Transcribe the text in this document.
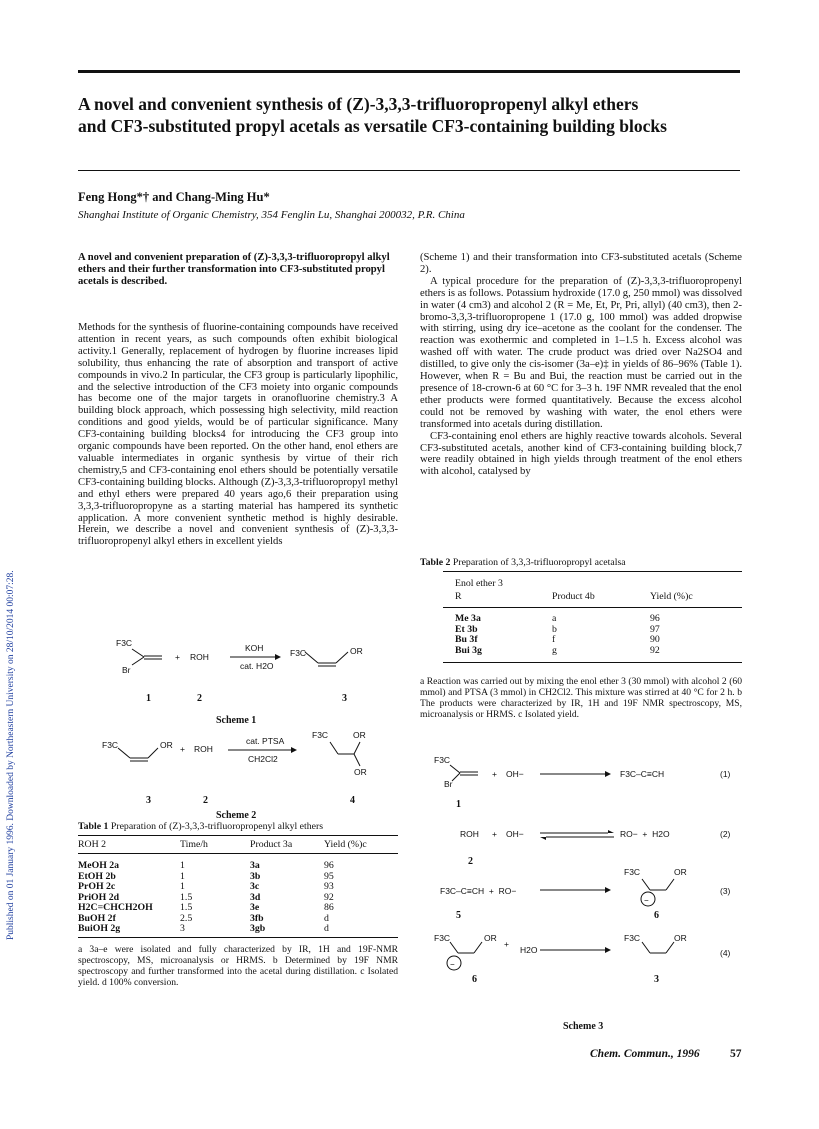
Published on 01 January 1996. Downloaded by Northeastern University on 28/10/2014 00:07:28.
A novel and convenient synthesis of (Z)-3,3,3-trifluoropropenyl alkyl ethers
and CF3-substituted propyl acetals as versatile CF3-containing building blocks
Feng Hong*† and Chang-Ming Hu*
Shanghai Institute of Organic Chemistry, 354 Fenglin Lu, Shanghai 200032, P.R. China
A novel and convenient preparation of (Z)-3,3,3-trifluoropropyl alkyl ethers and their further transformation into CF3-substituted propyl acetals is described.
Methods for the synthesis of fluorine-containing compounds have received attention in recent years, as such compounds often exhibit biological activity.1 Generally, replacement of hydrogen by fluorine increases lipid solubility, thus enhancing the rate of absorption and transport of active compounds in vivo.2 In particular, the CF3 group is particularly lipophilic, and the selective introduction of the CF3 moiety into organic compounds has become one of the major targets in oranofluorine chemistry.3 A building block approach, which possessing high selectivity, mild reaction conditions and good yields, would be of particular significance. Many CF3-containing building blocks4 for introducing the CF3 group into organic compounds have been reported. On the other hand, enol ethers are valuable intermediates in organic synthesis by virtue of their rich chemistry,5 and CF3-containing enol ethers should be potentially versatile CF3-containing building blocks. Although (Z)-3,3,3-trifluoropropyl methyl and ethyl ethers were prepared 40 years ago,6 their preparation using 3,3,3-trifluoropropyne as a starting material has hampered its synthetic application. A more convenient synthetic method is highly desirable. Herein, we describe a novel and convenient synthesis of (Z)-3,3,3-trifluoropropenyl alkyl ethers in excellent yields

(Scheme 1) and their transformation into CF3-substituted acetals (Scheme 2).

A typical procedure for the preparation of (Z)-3,3,3-trifluoropropenyl ethers is as follows. Potassium hydroxide (17.0 g, 250 mmol) was dissolved in water (4 cm3) and alcohol 2 (R = Me, Et, Pr, Pri, allyl) (40 cm3), then 2-bromo-3,3,3-trifluoropropene 1 (17.0 g, 100 mmol) was added dropwise with stirring, using dry ice–acetone as the coolant for the condenser. The reaction was exothermic and completed in 1–1.5 h. Excess alcohol was washed off with water. The crude product was dried over Na2SO4 and distilled, to give only the cis-isomer (3a–e)‡ in yields of 86–96% (Table 1). However, when R = Bu and Bui, the reaction must be carried out in the presence of 18-crown-6 at 60 °C for 3–3 h. 19F NMR revealed that the enol ether products were formed quantitatively. Because the excess alcohol could not be removed by washing with water, the enol ethers were transformed into acetals during distillation.

CF3-containing enol ethers are highly reactive towards alcohols. Several CF3-substituted acetals, another kind of CF3-containing building block,7 were readily obtained in high yields through treatment of the enol ethers with alcohol, catalysed by

F3C
Br
+ ROH
KOH
cat. H2O
F3C	OR
1	2	3
Scheme 1
F3C	OR + ROH
cat. PTSA
CH2Cl2
F3C	OR
OR
3	2	4
Scheme 2
Table 1 Preparation of (Z)-3,3,3-trifluoropropenyl alkyl ethers
ROH 2	Time/h	Product 3a	Yield (%)c
MeOH 2a	1	3a	96
EtOH 2b	1	3b	95
PrOH 2c	1	3c	93
PriOH 2d	1.5	3d	92
H2C=CHCH2OH	1.5	3e	86
BuOH 2f	2.5	3fb	d
BuiOH 2g	3	3gb	d
a 3a–e were isolated and fully characterized by IR, 1H and 19F-NMR spectroscopy, MS, microanalysis or HRMS. b Determined by 19F NMR spectroscopy and further transformed into the acetal during distillation. c Isolated yield. d 100% conversion.
Table 2 Preparation of 3,3,3-trifluoropropyl acetalsa
Enol ether 3
R	Product 4b	Yield (%)c
Me 3a	a	96
Et 3b	b	97
Bu 3f	f	90
Bui 3g	g	92
a Reaction was carried out by mixing the enol ether 3 (30 mmol) with alcohol 2 (60 mmol) and PTSA (3 mmol) in CH2Cl2. This mixture was stirred at 40 °C for 2 h. b The products were characterized by IR, 1H and 19F NMR spectroscopy, MS, microanalysis or HRMS. c Isolated yield.
−
−
F3C
Br
+ OH−	F3C–C≡CH	(1)
1
ROH + OH−	RO−  +  H2O	(2)
2
F3C–C≡CH  +  RO−
F3C	OR
(3)
5	6
F3C	OR
+
H2O
F3C	OR
(4)
6	3
Scheme 3
Chem. Commun., 1996	57
